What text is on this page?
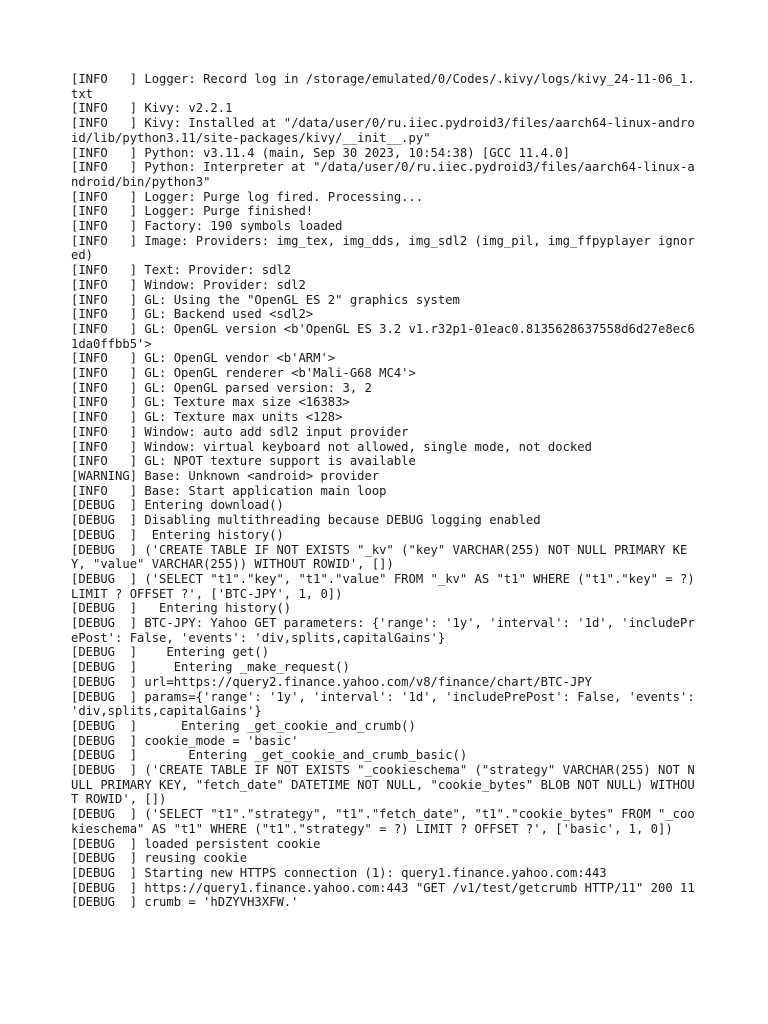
[INFO   ] Logger: Record log in /storage/emulated/0/Codes/.kivy/logs/kivy_24-11-06_1.txt
[INFO   ] Kivy: v2.2.1
[INFO   ] Kivy: Installed at "/data/user/0/ru.iiec.pydroid3/files/aarch64-linux-android/lib/python3.11/site-packages/kivy/__init__.py"
[INFO   ] Python: v3.11.4 (main, Sep 30 2023, 10:54:38) [GCC 11.4.0]
[INFO   ] Python: Interpreter at "/data/user/0/ru.iiec.pydroid3/files/aarch64-linux-android/bin/python3"
[INFO   ] Logger: Purge log fired. Processing...
[INFO   ] Logger: Purge finished!
[INFO   ] Factory: 190 symbols loaded
[INFO   ] Image: Providers: img_tex, img_dds, img_sdl2 (img_pil, img_ffpyplayer ignored)
[INFO   ] Text: Provider: sdl2
[INFO   ] Window: Provider: sdl2
[INFO   ] GL: Using the "OpenGL ES 2" graphics system
[INFO   ] GL: Backend used <sdl2>
[INFO   ] GL: OpenGL version <b'OpenGL ES 3.2 v1.r32p1-01eac0.8135628637558d6d27e8ec61da0ffbb5'>
[INFO   ] GL: OpenGL vendor <b'ARM'>
[INFO   ] GL: OpenGL renderer <b'Mali-G68 MC4'>
[INFO   ] GL: OpenGL parsed version: 3, 2
[INFO   ] GL: Texture max size <16383>
[INFO   ] GL: Texture max units <128>
[INFO   ] Window: auto add sdl2 input provider
[INFO   ] Window: virtual keyboard not allowed, single mode, not docked
[INFO   ] GL: NPOT texture support is available
[WARNING] Base: Unknown <android> provider
[INFO   ] Base: Start application main loop
[DEBUG  ] Entering download()
[DEBUG  ] Disabling multithreading because DEBUG logging enabled
[DEBUG  ]  Entering history()
[DEBUG  ] ('CREATE TABLE IF NOT EXISTS "_kv" ("key" VARCHAR(255) NOT NULL PRIMARY KEY, "value" VARCHAR(255)) WITHOUT ROWID', [])
[DEBUG  ] ('SELECT "t1"."key", "t1"."value" FROM "_kv" AS "t1" WHERE ("t1"."key" = ?) LIMIT ? OFFSET ?', ['BTC-JPY', 1, 0])
[DEBUG  ]   Entering history()
[DEBUG  ] BTC-JPY: Yahoo GET parameters: {'range': '1y', 'interval': '1d', 'includePrePost': False, 'events': 'div,splits,capitalGains'}
[DEBUG  ]    Entering get()
[DEBUG  ]     Entering _make_request()
[DEBUG  ] url=https://query2.finance.yahoo.com/v8/finance/chart/BTC-JPY
[DEBUG  ] params={'range': '1y', 'interval': '1d', 'includePrePost': False, 'events': 'div,splits,capitalGains'}
[DEBUG  ]      Entering _get_cookie_and_crumb()
[DEBUG  ] cookie_mode = 'basic'
[DEBUG  ]       Entering _get_cookie_and_crumb_basic()
[DEBUG  ] ('CREATE TABLE IF NOT EXISTS "_cookieschema" ("strategy" VARCHAR(255) NOT NULL PRIMARY KEY, "fetch_date" DATETIME NOT NULL, "cookie_bytes" BLOB NOT NULL) WITHOUT ROWID', [])
[DEBUG  ] ('SELECT "t1"."strategy", "t1"."fetch_date", "t1"."cookie_bytes" FROM "_cookieschema" AS "t1" WHERE ("t1"."strategy" = ?) LIMIT ? OFFSET ?', ['basic', 1, 0])
[DEBUG  ] loaded persistent cookie
[DEBUG  ] reusing cookie
[DEBUG  ] Starting new HTTPS connection (1): query1.finance.yahoo.com:443
[DEBUG  ] https://query1.finance.yahoo.com:443 "GET /v1/test/getcrumb HTTP/11" 200 11
[DEBUG  ] crumb = 'hDZYVH3XFW.'
